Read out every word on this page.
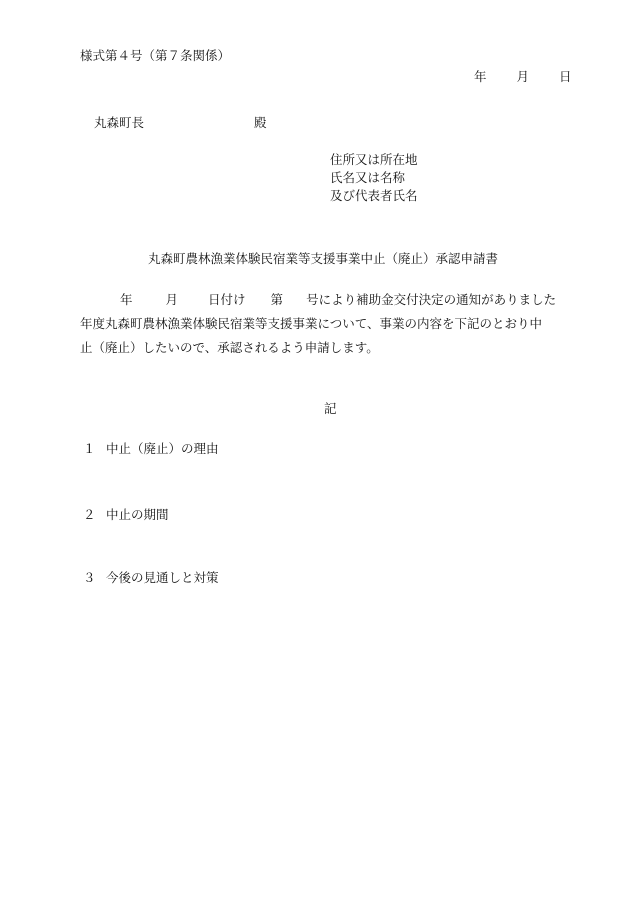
様式第４号（第７条関係）
年 月 日
丸森町長	殿
住所又は所在地
氏名又は名称
及び代表者氏名
丸森町農林漁業体験民宿業等支援事業中止（廃止）承認申請書
年	月 日付け 第 号により補助金交付決定の通知がありました
年度丸森町農林漁業体験民宿業等支援事業について、事業の内容を下記のとおり中
止（廃止）したいので、承認されるよう申請します。
記
１ 中止（廃止）の理由
２ 中止の期間
３ 今後の見通しと対策
